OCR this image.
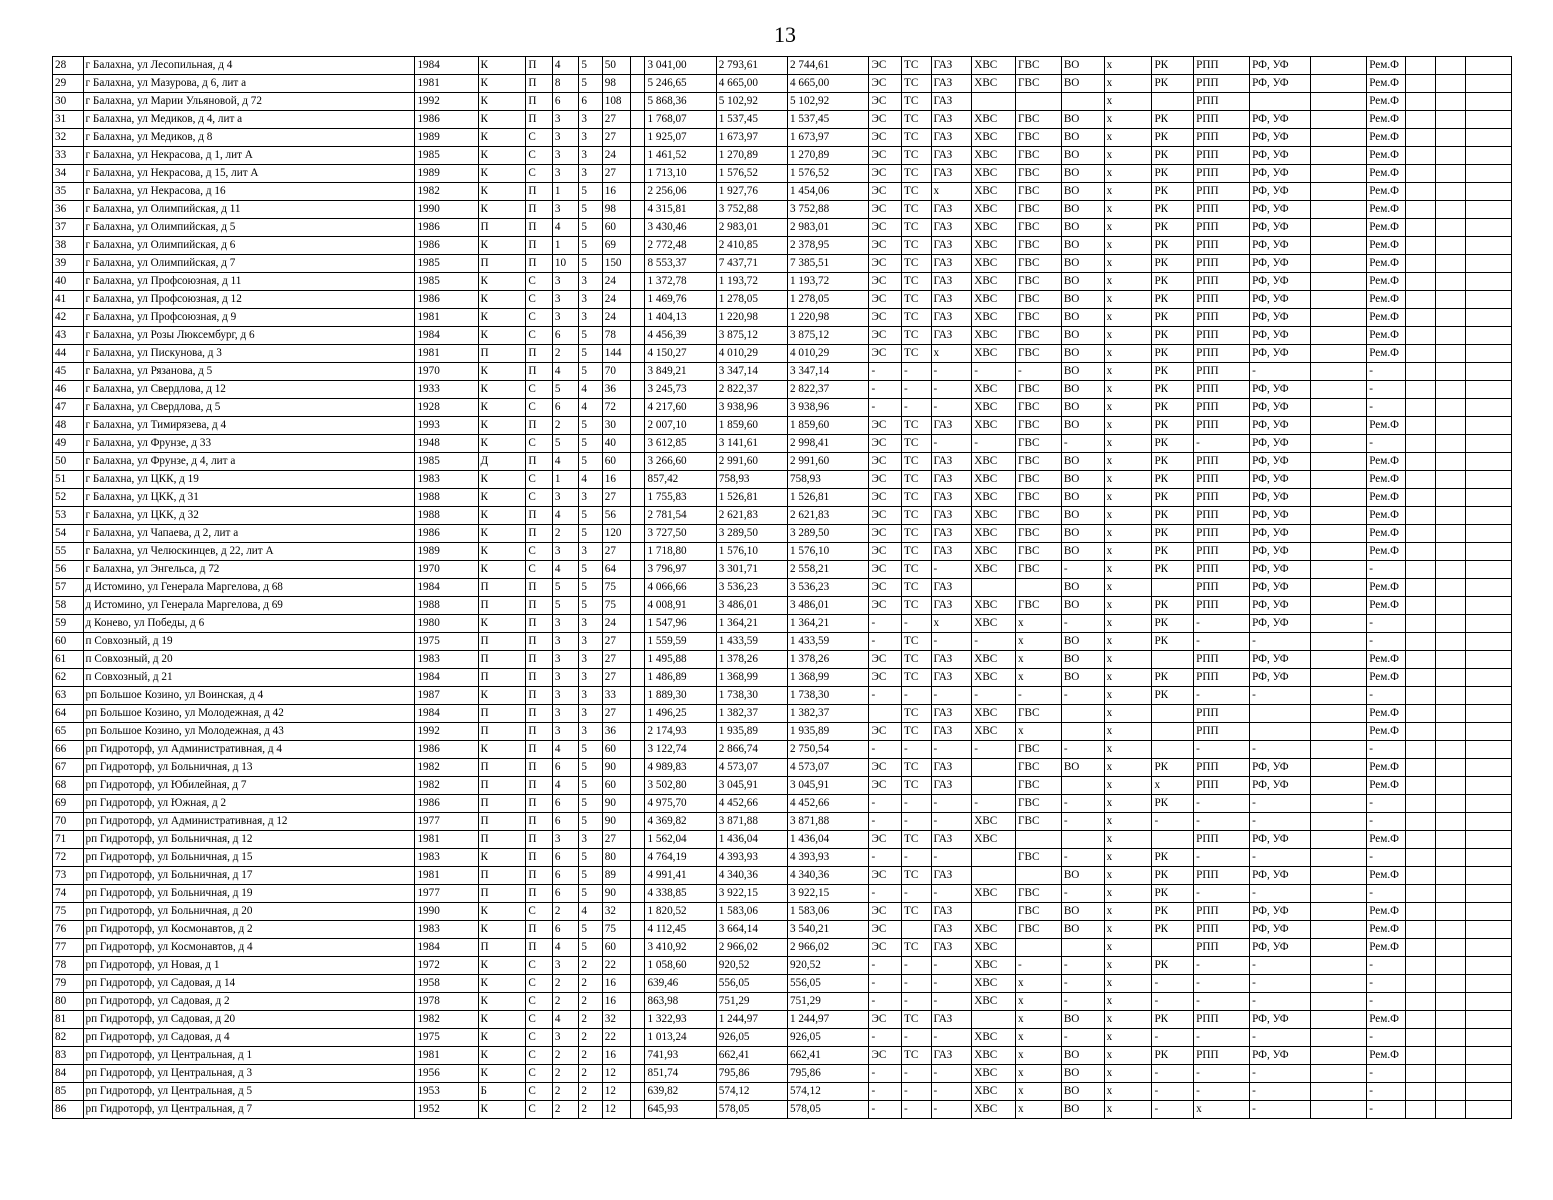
13
28	г Балахна, ул Лесопильная, д 4	1984	К	П	4	5	50		3 041,00	2 793,61	2 744,61	ЭС	ТС	ГАЗ	ХВС	ГВС	ВО	х	РК	РПП	РФ, УФ		Рем.Ф			
29	г Балахна, ул Мазурова, д 6, лит а	1981	К	П	8	5	98		5 246,65	4 665,00	4 665,00	ЭС	ТС	ГАЗ	ХВС	ГВС	ВО	х	РК	РПП	РФ, УФ		Рем.Ф			
30	г Балахна, ул Марии Ульяновой, д 72	1992	К	П	6	6	108		5 868,36	5 102,92	5 102,92	ЭС	ТС	ГАЗ				х		РПП			Рем.Ф			
31	г Балахна, ул Медиков, д 4, лит а	1986	К	П	3	3	27		1 768,07	1 537,45	1 537,45	ЭС	ТС	ГАЗ	ХВС	ГВС	ВО	х	РК	РПП	РФ, УФ		Рем.Ф			
32	г Балахна, ул Медиков, д 8	1989	К	С	3	3	27		1 925,07	1 673,97	1 673,97	ЭС	ТС	ГАЗ	ХВС	ГВС	ВО	х	РК	РПП	РФ, УФ		Рем.Ф			
33	г Балахна, ул Некрасова, д 1, лит А	1985	К	С	3	3	24		1 461,52	1 270,89	1 270,89	ЭС	ТС	ГАЗ	ХВС	ГВС	ВО	х	РК	РПП	РФ, УФ		Рем.Ф			
34	г Балахна, ул Некрасова, д 15, лит А	1989	К	С	3	3	27		1 713,10	1 576,52	1 576,52	ЭС	ТС	ГАЗ	ХВС	ГВС	ВО	х	РК	РПП	РФ, УФ		Рем.Ф			
35	г Балахна, ул Некрасова, д 16	1982	К	П	1	5	16		2 256,06	1 927,76	1 454,06	ЭС	ТС	х	ХВС	ГВС	ВО	х	РК	РПП	РФ, УФ		Рем.Ф			
36	г Балахна, ул Олимпийская, д 11	1990	К	П	3	5	98		4 315,81	3 752,88	3 752,88	ЭС	ТС	ГАЗ	ХВС	ГВС	ВО	х	РК	РПП	РФ, УФ		Рем.Ф			
37	г Балахна, ул Олимпийская, д 5	1986	П	П	4	5	60		3 430,46	2 983,01	2 983,01	ЭС	ТС	ГАЗ	ХВС	ГВС	ВО	х	РК	РПП	РФ, УФ		Рем.Ф			
38	г Балахна, ул Олимпийская, д 6	1986	К	П	1	5	69		2 772,48	2 410,85	2 378,95	ЭС	ТС	ГАЗ	ХВС	ГВС	ВО	х	РК	РПП	РФ, УФ		Рем.Ф			
39	г Балахна, ул Олимпийская, д 7	1985	П	П	10	5	150		8 553,37	7 437,71	7 385,51	ЭС	ТС	ГАЗ	ХВС	ГВС	ВО	х	РК	РПП	РФ, УФ		Рем.Ф			
40	г Балахна, ул Профсоюзная, д 11	1985	К	С	3	3	24		1 372,78	1 193,72	1 193,72	ЭС	ТС	ГАЗ	ХВС	ГВС	ВО	х	РК	РПП	РФ, УФ		Рем.Ф			
41	г Балахна, ул Профсоюзная, д 12	1986	К	С	3	3	24		1 469,76	1 278,05	1 278,05	ЭС	ТС	ГАЗ	ХВС	ГВС	ВО	х	РК	РПП	РФ, УФ		Рем.Ф			
42	г Балахна, ул Профсоюзная, д 9	1981	К	С	3	3	24		1 404,13	1 220,98	1 220,98	ЭС	ТС	ГАЗ	ХВС	ГВС	ВО	х	РК	РПП	РФ, УФ		Рем.Ф			
43	г Балахна, ул Розы Люксембург, д 6	1984	К	С	6	5	78		4 456,39	3 875,12	3 875,12	ЭС	ТС	ГАЗ	ХВС	ГВС	ВО	х	РК	РПП	РФ, УФ		Рем.Ф			
44	г Балахна, ул Пискунова, д 3	1981	П	П	2	5	144		4 150,27	4 010,29	4 010,29	ЭС	ТС	х	ХВС	ГВС	ВО	х	РК	РПП	РФ, УФ		Рем.Ф			
45	г Балахна, ул Рязанова, д 5	1970	К	П	4	5	70		3 849,21	3 347,14	3 347,14	-	-	-	-	-	ВО	х	РК	РПП	-		-			
46	г Балахна, ул Свердлова, д 12	1933	К	С	5	4	36		3 245,73	2 822,37	2 822,37	-	-	-	ХВС	ГВС	ВО	х	РК	РПП	РФ, УФ		-			
47	г Балахна, ул Свердлова, д 5	1928	К	С	6	4	72		4 217,60	3 938,96	3 938,96	-	-	-	ХВС	ГВС	ВО	х	РК	РПП	РФ, УФ		-			
48	г Балахна, ул Тимирязева, д 4	1993	К	П	2	5	30		2 007,10	1 859,60	1 859,60	ЭС	ТС	ГАЗ	ХВС	ГВС	ВО	х	РК	РПП	РФ, УФ		Рем.Ф			
49	г Балахна, ул Фрунзе, д 33	1948	К	С	5	5	40		3 612,85	3 141,61	2 998,41	ЭС	ТС	-	-	ГВС	-	х	РК	-	РФ, УФ		-			
50	г Балахна, ул Фрунзе, д 4, лит а	1985	Д	П	4	5	60		3 266,60	2 991,60	2 991,60	ЭС	ТС	ГАЗ	ХВС	ГВС	ВО	х	РК	РПП	РФ, УФ		Рем.Ф			
51	г Балахна, ул ЦКК, д 19	1983	К	С	1	4	16		857,42	758,93	758,93	ЭС	ТС	ГАЗ	ХВС	ГВС	ВО	х	РК	РПП	РФ, УФ		Рем.Ф			
52	г Балахна, ул ЦКК, д 31	1988	К	С	3	3	27		1 755,83	1 526,81	1 526,81	ЭС	ТС	ГАЗ	ХВС	ГВС	ВО	х	РК	РПП	РФ, УФ		Рем.Ф			
53	г Балахна, ул ЦКК, д 32	1988	К	П	4	5	56		2 781,54	2 621,83	2 621,83	ЭС	ТС	ГАЗ	ХВС	ГВС	ВО	х	РК	РПП	РФ, УФ		Рем.Ф			
54	г Балахна, ул Чапаева, д 2, лит а	1986	К	П	2	5	120		3 727,50	3 289,50	3 289,50	ЭС	ТС	ГАЗ	ХВС	ГВС	ВО	х	РК	РПП	РФ, УФ		Рем.Ф			
55	г Балахна, ул Челюскинцев, д 22, лит А	1989	К	С	3	3	27		1 718,80	1 576,10	1 576,10	ЭС	ТС	ГАЗ	ХВС	ГВС	ВО	х	РК	РПП	РФ, УФ		Рем.Ф			
56	г Балахна, ул Энгельса, д 72	1970	К	С	4	5	64		3 796,97	3 301,71	2 558,21	ЭС	ТС	-	ХВС	ГВС	-	х	РК	РПП	РФ, УФ		-			
57	д Истомино, ул Генерала Маргелова, д 68	1984	П	П	5	5	75		4 066,66	3 536,23	3 536,23	ЭС	ТС	ГАЗ			ВО	х		РПП	РФ, УФ		Рем.Ф			
58	д Истомино, ул Генерала Маргелова, д 69	1988	П	П	5	5	75		4 008,91	3 486,01	3 486,01	ЭС	ТС	ГАЗ	ХВС	ГВС	ВО	х	РК	РПП	РФ, УФ		Рем.Ф			
59	д Конево, ул Победы, д 6	1980	К	П	3	3	24		1 547,96	1 364,21	1 364,21	-	-	х	ХВС	х	-	х	РК	-	РФ, УФ		-			
60	п Совхозный, д 19	1975	П	П	3	3	27		1 559,59	1 433,59	1 433,59	-	ТС	-	-	х	ВО	х	РК	-	-		-			
61	п Совхозный, д 20	1983	П	П	3	3	27		1 495,88	1 378,26	1 378,26	ЭС	ТС	ГАЗ	ХВС	х	ВО	х		РПП	РФ, УФ		Рем.Ф			
62	п Совхозный, д 21	1984	П	П	3	3	27		1 486,89	1 368,99	1 368,99	ЭС	ТС	ГАЗ	ХВС	х	ВО	х	РК	РПП	РФ, УФ		Рем.Ф			
63	рп Большое Козино, ул Воинская, д 4	1987	К	П	3	3	33		1 889,30	1 738,30	1 738,30	-	-	-	-	-	-	х	РК	-	-		-			
64	рп Большое Козино, ул Молодежная, д 42	1984	П	П	3	3	27		1 496,25	1 382,37	1 382,37		ТС	ГАЗ	ХВС	ГВС		х		РПП			Рем.Ф			
65	рп Большое Козино, ул Молодежная, д 43	1992	П	П	3	3	36		2 174,93	1 935,89	1 935,89	ЭС	ТС	ГАЗ	ХВС	х		х		РПП			Рем.Ф			
66	рп Гидроторф, ул Административная, д 4	1986	К	П	4	5	60		3 122,74	2 866,74	2 750,54	-	-	-	-	ГВС	-	х		-	-		-			
67	рп Гидроторф, ул Больничная, д 13	1982	П	П	6	5	90		4 989,83	4 573,07	4 573,07	ЭС	ТС	ГАЗ		ГВС	ВО	х	РК	РПП	РФ, УФ		Рем.Ф			
68	рп Гидроторф, ул Юбилейная, д 7	1982	П	П	4	5	60		3 502,80	3 045,91	3 045,91	ЭС	ТС	ГАЗ		ГВС		х	х	РПП	РФ, УФ		Рем.Ф			
69	рп Гидроторф, ул Южная, д 2	1986	П	П	6	5	90		4 975,70	4 452,66	4 452,66	-	-	-	-	ГВС	-	х	РК	-	-		-			
70	рп Гидроторф, ул Административная, д 12	1977	П	П	6	5	90		4 369,82	3 871,88	3 871,88	-	-	-	ХВС	ГВС	-	х	-	-	-		-			
71	рп Гидроторф, ул Больничная, д 12	1981	П	П	3	3	27		1 562,04	1 436,04	1 436,04	ЭС	ТС	ГАЗ	ХВС			х		РПП	РФ, УФ		Рем.Ф			
72	рп Гидроторф, ул Больничная, д 15	1983	К	П	6	5	80		4 764,19	4 393,93	4 393,93	-	-	-		ГВС	-	х	РК	-	-		-			
73	рп Гидроторф, ул Больничная, д 17	1981	П	П	6	5	89		4 991,41	4 340,36	4 340,36	ЭС	ТС	ГАЗ			ВО	х	РК	РПП	РФ, УФ		Рем.Ф			
74	рп Гидроторф, ул Больничная, д 19	1977	П	П	6	5	90		4 338,85	3 922,15	3 922,15	-	-	-	ХВС	ГВС	-	х	РК	-	-		-			
75	рп Гидроторф, ул Больничная, д 20	1990	К	С	2	4	32		1 820,52	1 583,06	1 583,06	ЭС	ТС	ГАЗ		ГВС	ВО	х	РК	РПП	РФ, УФ		Рем.Ф			
76	рп Гидроторф, ул Космонавтов, д 2	1983	К	П	6	5	75		4 112,45	3 664,14	3 540,21	ЭС		ГАЗ	ХВС	ГВС	ВО	х	РК	РПП	РФ, УФ		Рем.Ф			
77	рп Гидроторф, ул Космонавтов, д 4	1984	П	П	4	5	60		3 410,92	2 966,02	2 966,02	ЭС	ТС	ГАЗ	ХВС			х		РПП	РФ, УФ		Рем.Ф			
78	рп Гидроторф, ул Новая, д 1	1972	К	С	3	2	22		1 058,60	920,52	920,52	-	-	-	ХВС	-	-	х	РК	-	-		-			
79	рп Гидроторф, ул Садовая, д 14	1958	К	С	2	2	16		639,46	556,05	556,05	-	-	-	ХВС	х	-	х	-	-	-		-			
80	рп Гидроторф, ул Садовая, д 2	1978	К	С	2	2	16		863,98	751,29	751,29	-	-	-	ХВС	х	-	х	-	-	-		-			
81	рп Гидроторф, ул Садовая, д 20	1982	К	С	4	2	32		1 322,93	1 244,97	1 244,97	ЭС	ТС	ГАЗ		х	ВО	х	РК	РПП	РФ, УФ		Рем.Ф			
82	рп Гидроторф, ул Садовая, д 4	1975	К	С	3	2	22		1 013,24	926,05	926,05	-	-	-	ХВС	х	-	х	-	-	-		-			
83	рп Гидроторф, ул Центральная, д 1	1981	К	С	2	2	16		741,93	662,41	662,41	ЭС	ТС	ГАЗ	ХВС	х	ВО	х	РК	РПП	РФ, УФ		Рем.Ф			
84	рп Гидроторф, ул Центральная, д 3	1956	К	С	2	2	12		851,74	795,86	795,86	-	-	-	ХВС	х	ВО	х	-	-	-		-			
85	рп Гидроторф, ул Центральная, д 5	1953	Б	С	2	2	12		639,82	574,12	574,12	-	-	-	ХВС	х	ВО	х	-	-	-		-			
86	рп Гидроторф, ул Центральная, д 7	1952	К	С	2	2	12		645,93	578,05	578,05	-	-	-	ХВС	х	ВО	х	-	х	-		-			
